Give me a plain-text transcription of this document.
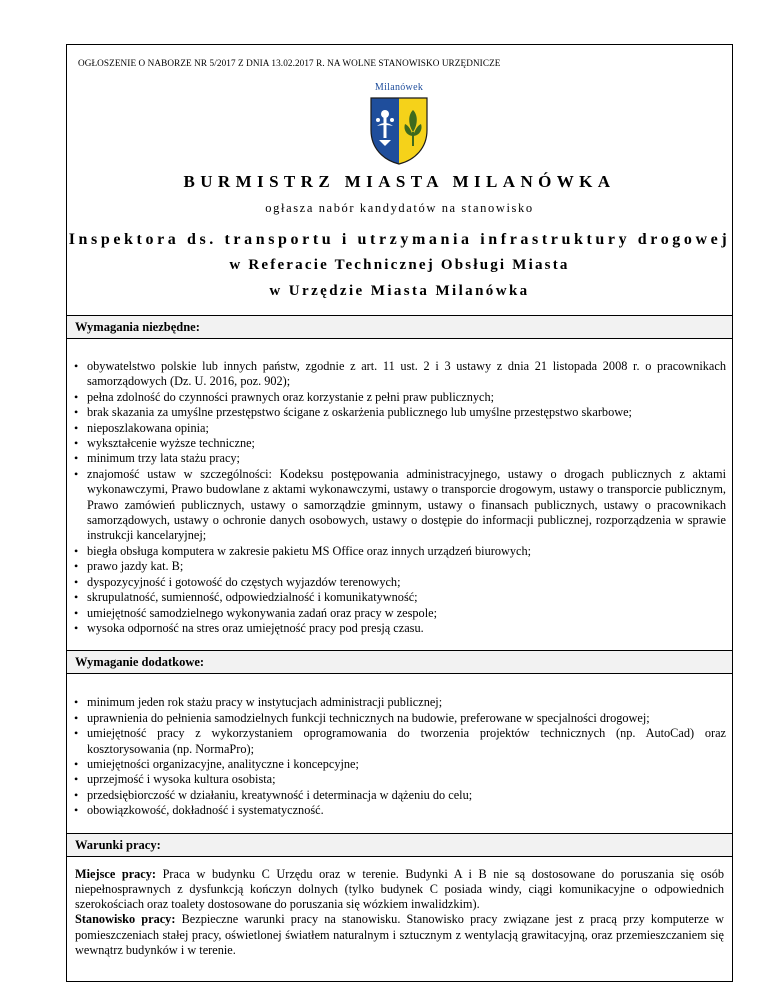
OGŁOSZENIE O NABORZE NR 5/2017 Z DNIA 13.02.2017 R. NA WOLNE STANOWISKO URZĘDNICZE
Milanówek
BURMISTRZ MIASTA MILANÓWKA
ogłasza nabór kandydatów na stanowisko
Inspektora ds. transportu i utrzymania infrastruktury drogowej
w Referacie Technicznej Obsługi Miasta
w Urzędzie Miasta Milanówka
Wymagania niezbędne:
• obywatelstwo polskie lub innych państw, zgodnie z art. 11 ust. 2 i 3 ustawy z dnia 21 listopada 2008 r. o pracownikach samorządowych (Dz. U. 2016, poz. 902);
• pełna zdolność do czynności prawnych oraz korzystanie z pełni praw publicznych;
• brak skazania za umyślne przestępstwo ścigane z oskarżenia publicznego lub umyślne przestępstwo skarbowe;
• nieposzlakowana opinia;
• wykształcenie wyższe techniczne;
• minimum trzy lata stażu pracy;
• znajomość ustaw w szczególności: Kodeksu postępowania administracyjnego, ustawy o drogach publicznych z aktami wykonawczymi, Prawo budowlane z aktami wykonawczymi, ustawy o transporcie drogowym, ustawy o transporcie publicznym, Prawo zamówień publicznych, ustawy o samorządzie gminnym, ustawy o finansach publicznych, ustawy o pracownikach samorządowych, ustawy o ochronie danych osobowych, ustawy o dostępie do informacji publicznej, rozporządzenia w sprawie instrukcji kancelaryjnej;
• biegła obsługa komputera w zakresie pakietu MS Office oraz innych urządzeń biurowych;
• prawo jazdy kat. B;
• dyspozycyjność i gotowość do częstych wyjazdów terenowych;
• skrupulatność, sumienność, odpowiedzialność i komunikatywność;
• umiejętność samodzielnego wykonywania zadań oraz pracy w zespole;
• wysoka odporność na stres oraz umiejętność pracy pod presją czasu.
Wymaganie dodatkowe:
• minimum jeden rok stażu pracy w instytucjach administracji publicznej;
• uprawnienia do pełnienia samodzielnych funkcji technicznych na budowie, preferowane w specjalności drogowej;
• umiejętność pracy z wykorzystaniem oprogramowania do tworzenia projektów technicznych (np. AutoCad) oraz kosztorysowania (np. NormaPro);
• umiejętności organizacyjne, analityczne i koncepcyjne;
• uprzejmość i wysoka kultura osobista;
• przedsiębiorczość w działaniu, kreatywność i determinacja w dążeniu do celu;
• obowiązkowość, dokładność i systematyczność.
Warunki pracy:
Miejsce pracy: Praca w budynku C Urzędu oraz w terenie. Budynki A i B nie są dostosowane do poruszania się osób niepełnosprawnych z dysfunkcją kończyn dolnych (tylko budynek C posiada windy, ciągi komunikacyjne o odpowiednich szerokościach oraz toalety dostosowane do poruszania się wózkiem inwalidzkim).
Stanowisko pracy: Bezpieczne warunki pracy na stanowisku. Stanowisko pracy związane jest z pracą przy komputerze w pomieszczeniach stałej pracy, oświetlonej światłem naturalnym i sztucznym z wentylacją grawitacyjną, oraz przemieszczaniem się wewnątrz budynków i w terenie.
